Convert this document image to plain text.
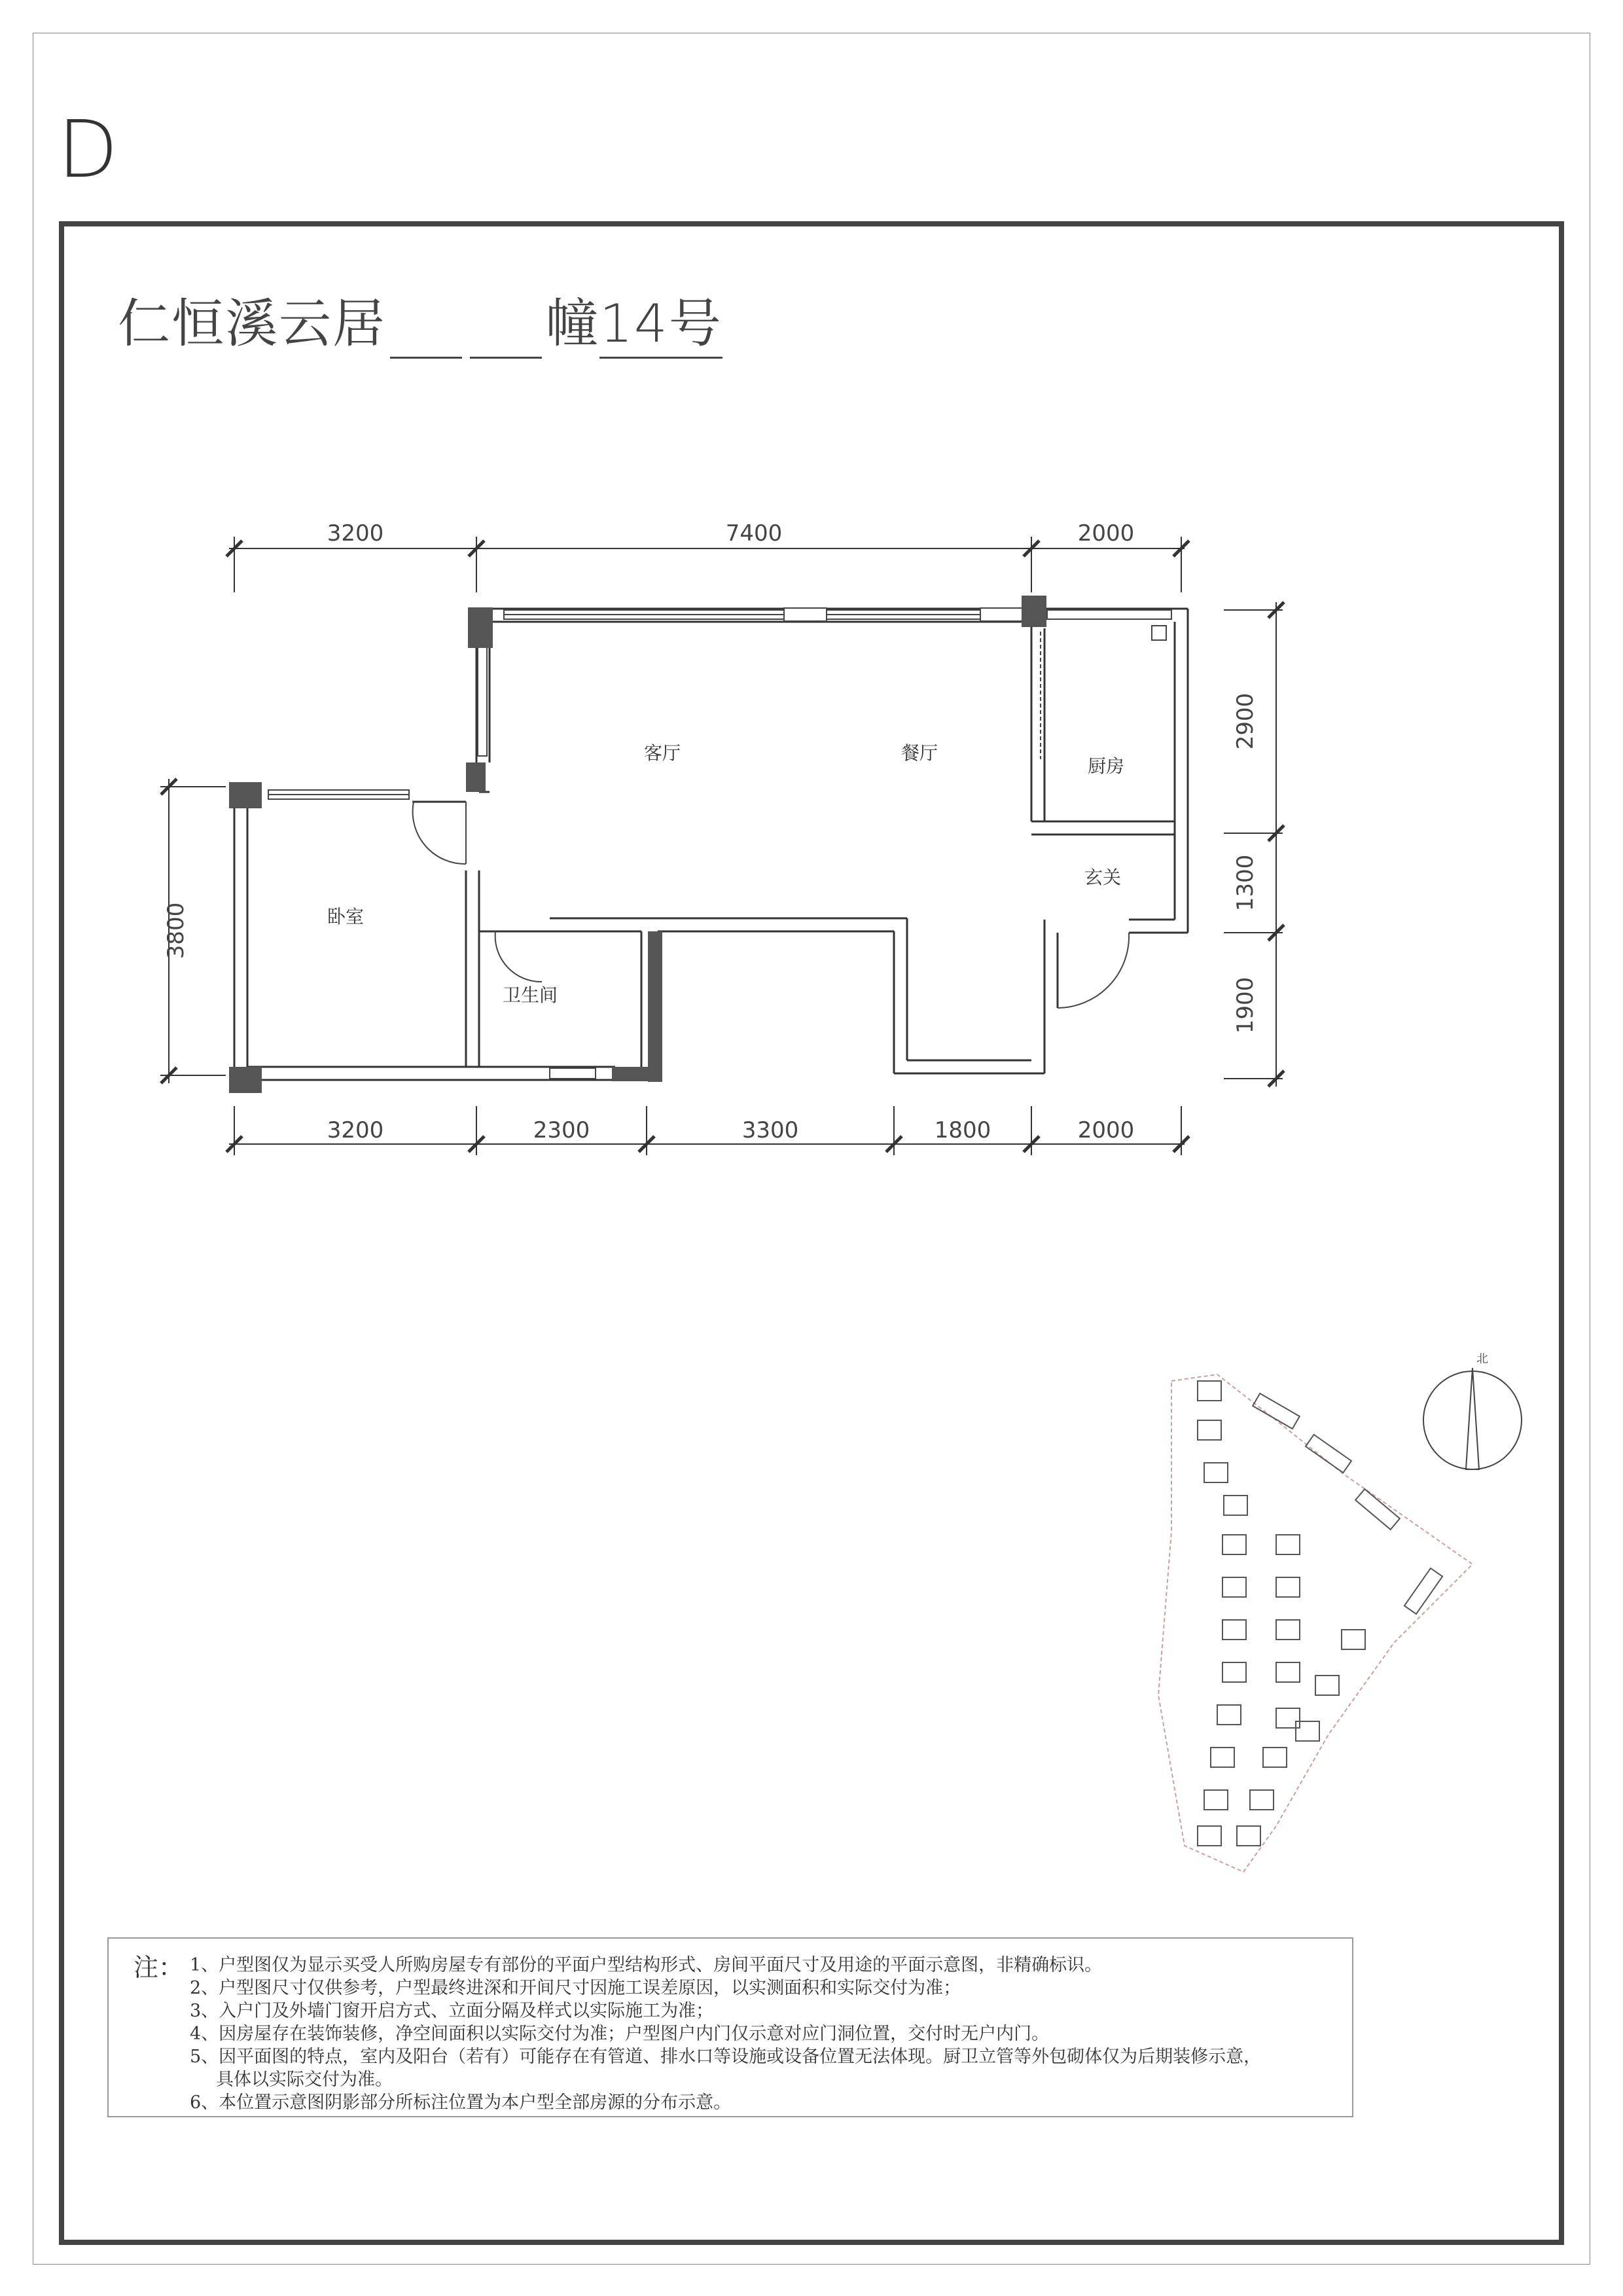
D
仁恒溪云居	幢14号
3200	7400	2000
3200	2300	3300	1800	2000
2900
1300
1900
3800
客厅	餐厅
厨房
玄关
卧室
卫生间
北
注： 1、户型图仅为显示买受人所购房屋专有部份的平面户型结构形式、房间平面尺寸及用途的平面示意图，非精确标识。
2、户型图尺寸仅供参考，户型最终进深和开间尺寸因施工误差原因，以实测面积和实际交付为准；
3、入户门及外墙门窗开启方式、立面分隔及样式以实际施工为准；
4、因房屋存在装饰装修，净空间面积以实际交付为准；户型图户内门仅示意对应门洞位置，交付时无户内门。
5、因平面图的特点，室内及阳台（若有）可能存在有管道、排水口等设施或设备位置无法体现。厨卫立管等外包砌体仅为后期装修示意，
具体以实际交付为准。
6、本位置示意图阴影部分所标注位置为本户型全部房源的分布示意。
